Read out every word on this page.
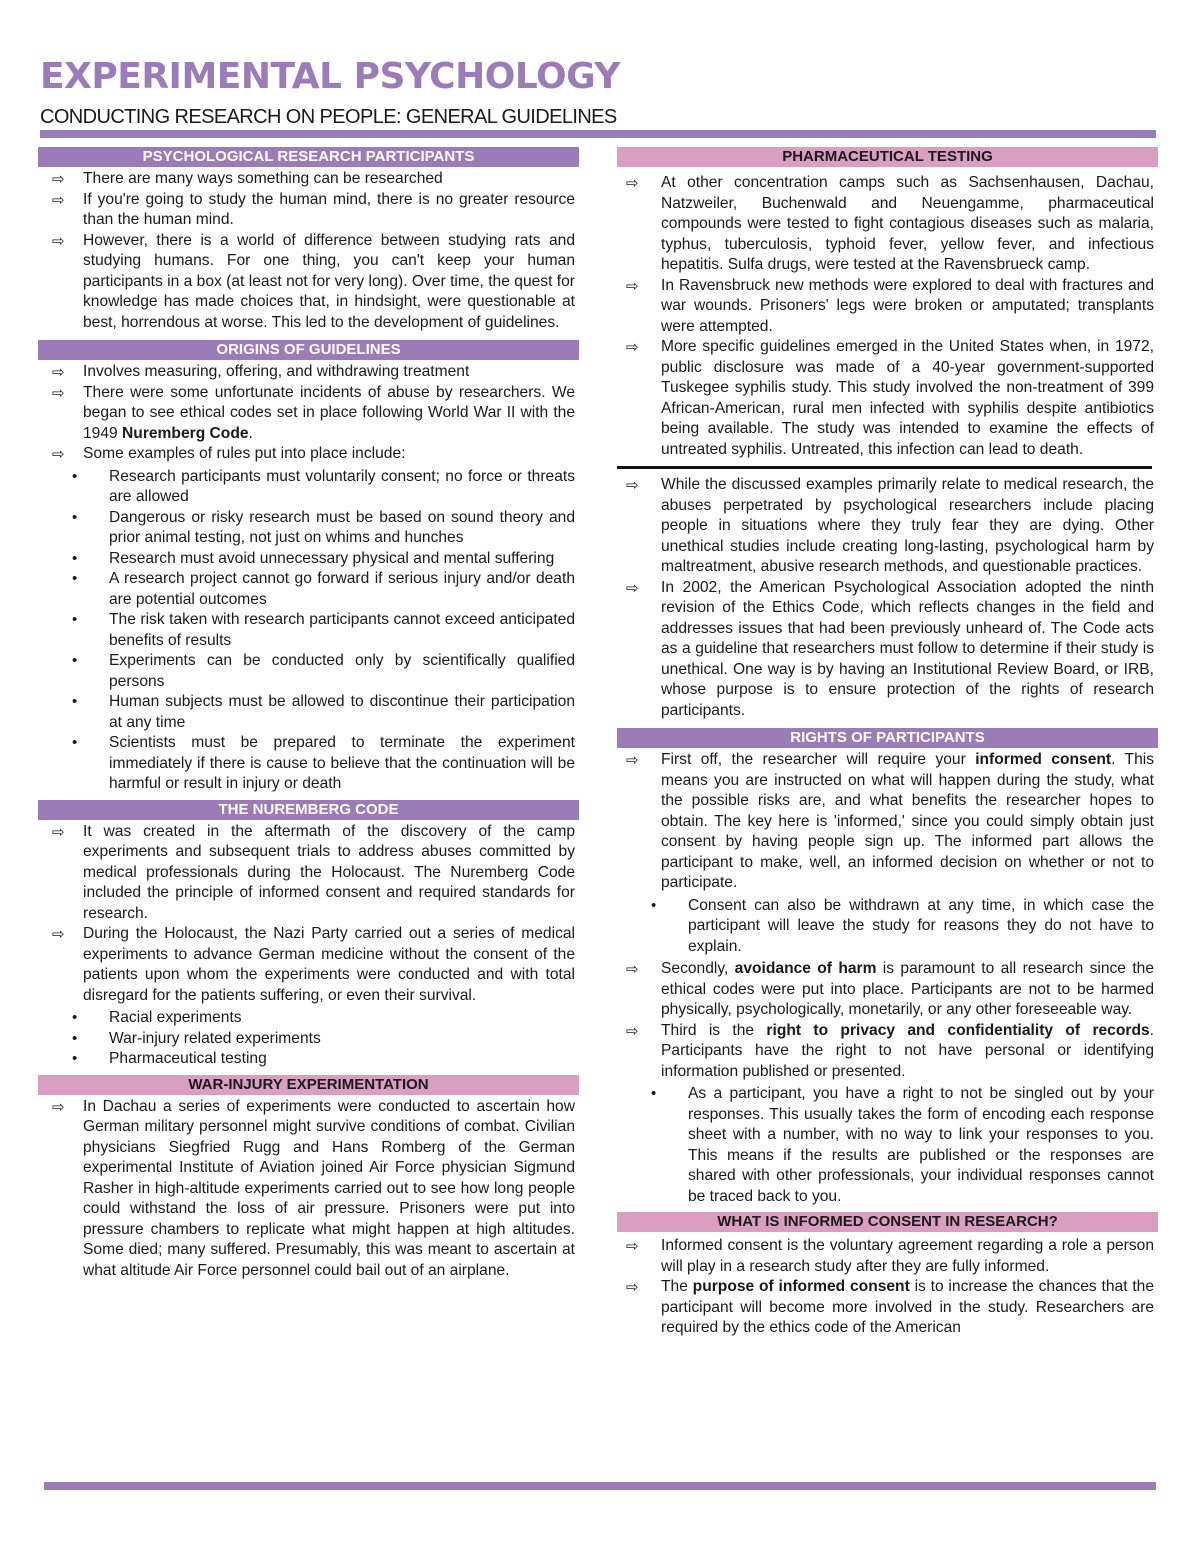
EXPERIMENTAL PSYCHOLOGY
CONDUCTING RESEARCH ON PEOPLE: GENERAL GUIDELINES
PSYCHOLOGICAL RESEARCH PARTICIPANTS
⇨ There are many ways something can be researched
⇨ If you're going to study the human mind, there is no greater resource than the human mind.
⇨ However, there is a world of difference between studying rats and studying humans. For one thing, you can't keep your human participants in a box (at least not for very long). Over time, the quest for knowledge has made choices that, in hindsight, were questionable at best, horrendous at worse. This led to the development of guidelines.
ORIGINS OF GUIDELINES
⇨ Involves measuring, offering, and withdrawing treatment
⇨ There were some unfortunate incidents of abuse by researchers. We began to see ethical codes set in place following World War II with the 1949 Nuremberg Code.
⇨ Some examples of rules put into place include:
• Research participants must voluntarily consent; no force or threats are allowed
• Dangerous or risky research must be based on sound theory and prior animal testing, not just on whims and hunches
• Research must avoid unnecessary physical and mental suffering
• A research project cannot go forward if serious injury and/or death are potential outcomes
• The risk taken with research participants cannot exceed anticipated benefits of results
• Experiments can be conducted only by scientifically qualified persons
• Human subjects must be allowed to discontinue their participation at any time
• Scientists must be prepared to terminate the experiment immediately if there is cause to believe that the continuation will be harmful or result in injury or death
THE NUREMBERG CODE
⇨ It was created in the aftermath of the discovery of the camp experiments and subsequent trials to address abuses committed by medical professionals during the Holocaust. The Nuremberg Code included the principle of informed consent and required standards for research.
⇨ During the Holocaust, the Nazi Party carried out a series of medical experiments to advance German medicine without the consent of the patients upon whom the experiments were conducted and with total disregard for the patients suffering, or even their survival.
• Racial experiments
• War-injury related experiments
• Pharmaceutical testing
WAR-INJURY EXPERIMENTATION
⇨ In Dachau a series of experiments were conducted to ascertain how German military personnel might survive conditions of combat. Civilian physicians Siegfried Rugg and Hans Romberg of the German experimental Institute of Aviation joined Air Force physician Sigmund Rasher in high-altitude experiments carried out to see how long people could withstand the loss of air pressure. Prisoners were put into pressure chambers to replicate what might happen at high altitudes. Some died; many suffered. Presumably, this was meant to ascertain at what altitude Air Force personnel could bail out of an airplane.
PHARMACEUTICAL TESTING
⇨ At other concentration camps such as Sachsenhausen, Dachau, Natzweiler, Buchenwald and Neuengamme, pharmaceutical compounds were tested to fight contagious diseases such as malaria, typhus, tuberculosis, typhoid fever, yellow fever, and infectious hepatitis. Sulfa drugs, were tested at the Ravensbrueck camp.
⇨ In Ravensbruck new methods were explored to deal with fractures and war wounds. Prisoners' legs were broken or amputated; transplants were attempted.
⇨ More specific guidelines emerged in the United States when, in 1972, public disclosure was made of a 40-year government-supported Tuskegee syphilis study. This study involved the non-treatment of 399 African-American, rural men infected with syphilis despite antibiotics being available. The study was intended to examine the effects of untreated syphilis. Untreated, this infection can lead to death.
⇨ While the discussed examples primarily relate to medical research, the abuses perpetrated by psychological researchers include placing people in situations where they truly fear they are dying. Other unethical studies include creating long-lasting, psychological harm by maltreatment, abusive research methods, and questionable practices.
⇨ In 2002, the American Psychological Association adopted the ninth revision of the Ethics Code, which reflects changes in the field and addresses issues that had been previously unheard of. The Code acts as a guideline that researchers must follow to determine if their study is unethical. One way is by having an Institutional Review Board, or IRB, whose purpose is to ensure protection of the rights of research participants.
RIGHTS OF PARTICIPANTS
⇨ First off, the researcher will require your informed consent. This means you are instructed on what will happen during the study, what the possible risks are, and what benefits the researcher hopes to obtain. The key here is 'informed,' since you could simply obtain just consent by having people sign up. The informed part allows the participant to make, well, an informed decision on whether or not to participate.
• Consent can also be withdrawn at any time, in which case the participant will leave the study for reasons they do not have to explain.
⇨ Secondly, avoidance of harm is paramount to all research since the ethical codes were put into place. Participants are not to be harmed physically, psychologically, monetarily, or any other foreseeable way.
⇨ Third is the right to privacy and confidentiality of records. Participants have the right to not have personal or identifying information published or presented.
• As a participant, you have a right to not be singled out by your responses. This usually takes the form of encoding each response sheet with a number, with no way to link your responses to you. This means if the results are published or the responses are shared with other professionals, your individual responses cannot be traced back to you.
WHAT IS INFORMED CONSENT IN RESEARCH?
⇨ Informed consent is the voluntary agreement regarding a role a person will play in a research study after they are fully informed.
⇨ The purpose of informed consent is to increase the chances that the participant will become more involved in the study. Researchers are required by the ethics code of the American
